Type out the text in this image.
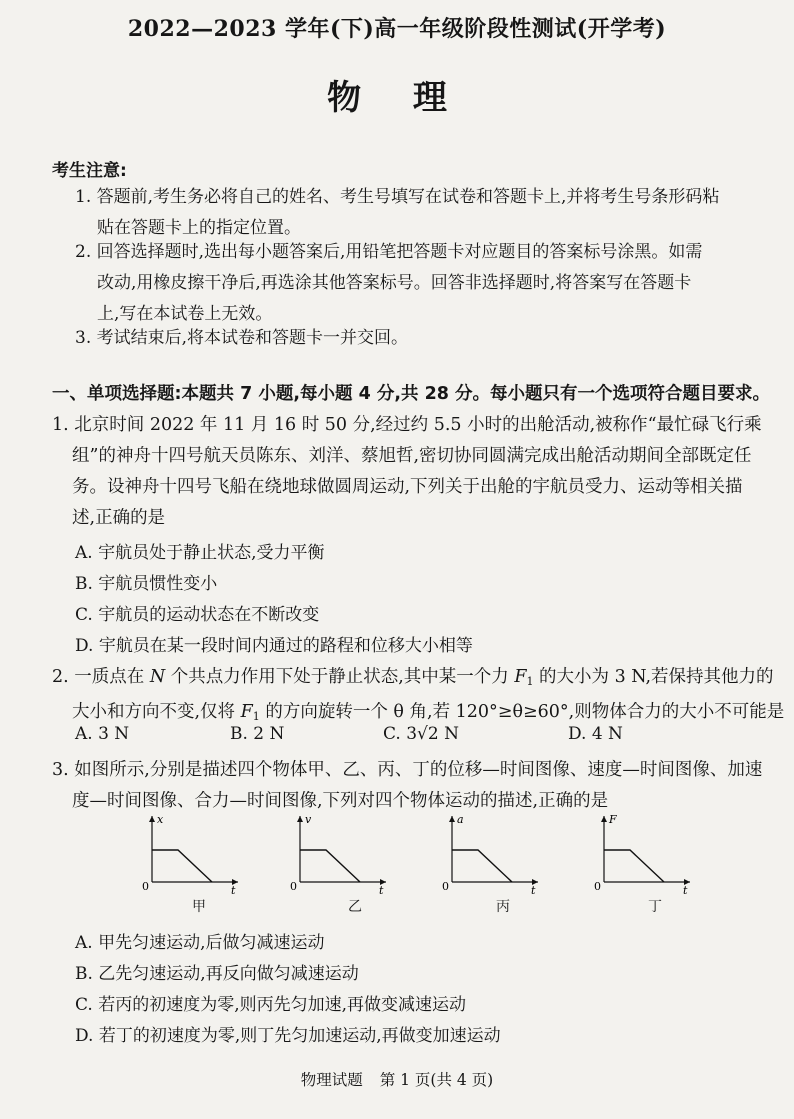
2022—2023 学年(下)高一年级阶段性测试(开学考)
物 理
考生注意:
1. 答题前,考生务必将自己的姓名、考生号填写在试卷和答题卡上,并将考生号条形码粘
贴在答题卡上的指定位置。
2. 回答选择题时,选出每小题答案后,用铅笔把答题卡对应题目的答案标号涂黑。如需
改动,用橡皮擦干净后,再选涂其他答案标号。回答非选择题时,将答案写在答题卡
上,写在本试卷上无效。
3. 考试结束后,将本试卷和答题卡一并交回。
一、单项选择题:本题共 7 小题,每小题 4 分,共 28 分。每小题只有一个选项符合题目要求。
1. 北京时间 2022 年 11 月 16 时 50 分,经过约 5.5 小时的出舱活动,被称作“最忙碌飞行乘
组”的神舟十四号航天员陈东、刘洋、蔡旭哲,密切协同圆满完成出舱活动期间全部既定任
务。设神舟十四号飞船在绕地球做圆周运动,下列关于出舱的宇航员受力、运动等相关描
述,正确的是
A. 宇航员处于静止状态,受力平衡
B. 宇航员惯性变小
C. 宇航员的运动状态在不断改变
D. 宇航员在某一段时间内通过的路程和位移大小相等
2. 一质点在 N 个共点力作用下处于静止状态,其中某一个力 $F_1$ 的大小为 3 N,若保持其他力的
大小和方向不变,仅将 $F_1$ 的方向旋转一个 θ 角,若 120°≥θ≥60°,则物体合力的大小不可能是
A. 3 N	B. 2 N	C. 3√2 N	D. 4 N
3. 如图所示,分别是描述四个物体甲、乙、丙、丁的位移—时间图像、速度—时间图像、加速
度—时间图像、合力—时间图像,下列对四个物体运动的描述,正确的是
x
t
0
甲
v
t
0
乙
a
t
0
丙
F
t
0
丁
A. 甲先匀速运动,后做匀减速运动
B. 乙先匀速运动,再反向做匀减速运动
C. 若丙的初速度为零,则丙先匀加速,再做变减速运动
D. 若丁的初速度为零,则丁先匀加速运动,再做变加速运动
物理试题 第 1 页(共 4 页)
